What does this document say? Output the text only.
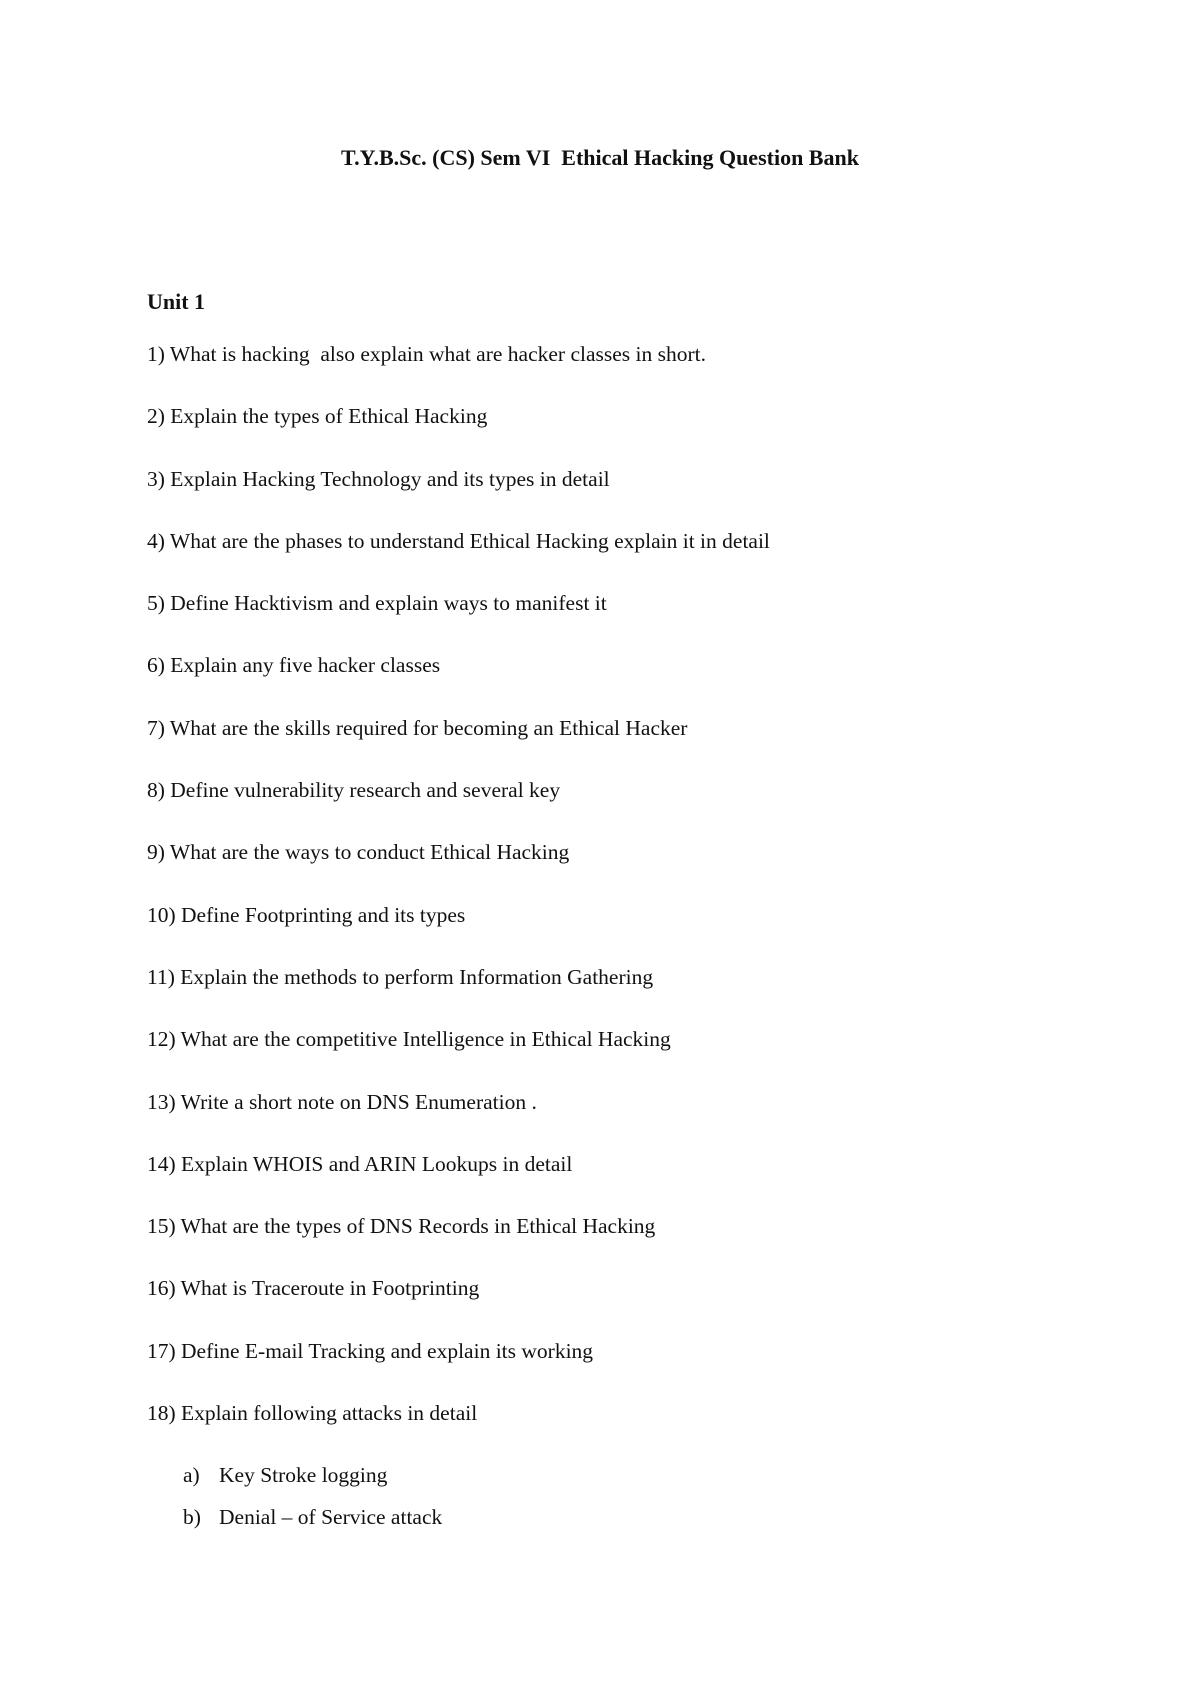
T.Y.B.Sc. (CS) Sem VI  Ethical Hacking Question Bank
Unit 1
1) What is hacking  also explain what are hacker classes in short.
2) Explain the types of Ethical Hacking
3) Explain Hacking Technology and its types in detail
4) What are the phases to understand Ethical Hacking explain it in detail
5) Define Hacktivism and explain ways to manifest it
6) Explain any five hacker classes
7) What are the skills required for becoming an Ethical Hacker
8) Define vulnerability research and several key
9) What are the ways to conduct Ethical Hacking
10) Define Footprinting and its types
11) Explain the methods to perform Information Gathering
12) What are the competitive Intelligence in Ethical Hacking
13) Write a short note on DNS Enumeration .
14) Explain WHOIS and ARIN Lookups in detail
15) What are the types of DNS Records in Ethical Hacking
16) What is Traceroute in Footprinting
17) Define E-mail Tracking and explain its working
18) Explain following attacks in detail
a) Key Stroke logging
b) Denial – of Service attack
